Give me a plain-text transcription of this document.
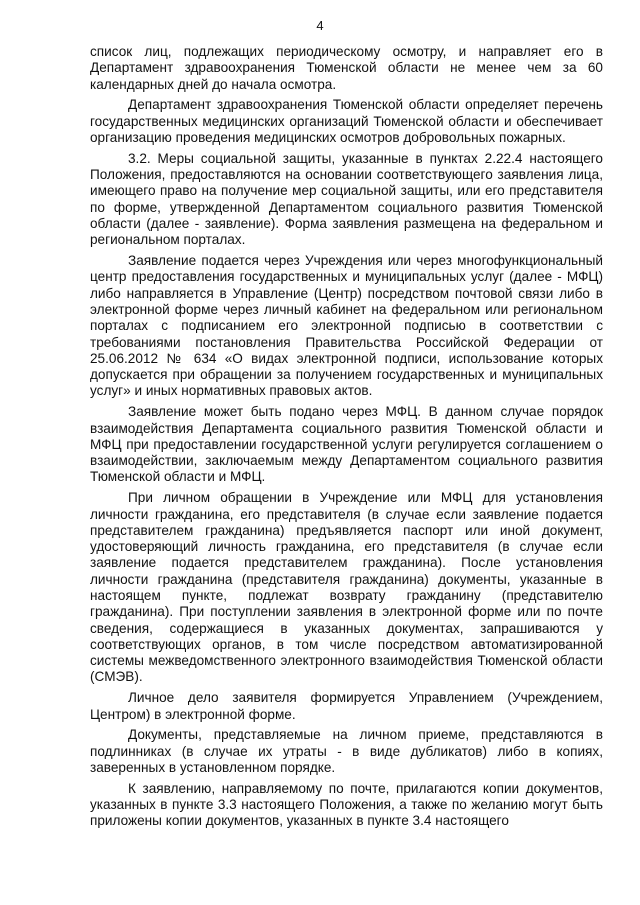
4

список лиц, подлежащих периодическому осмотру, и направляет его в Департамент здравоохранения Тюменской области не менее чем за 60 календарных дней до начала осмотра.

Департамент здравоохранения Тюменской области определяет перечень государственных медицинских организаций Тюменской области и обеспечивает организацию проведения медицинских осмотров добровольных пожарных.

3.2. Меры социальной защиты, указанные в пунктах 2.22.4 настоящего Положения, предоставляются на основании соответствующего заявления лица, имеющего право на получение мер социальной защиты, или его представителя по форме, утвержденной Департаментом социального развития Тюменской области (далее - заявление). Форма заявления размещена на федеральном и региональном порталах.

Заявление подается через Учреждения или через многофункциональный центр предоставления государственных и муниципальных услуг (далее - МФЦ) либо направляется в Управление (Центр) посредством почтовой связи либо в электронной форме через личный кабинет на федеральном или региональном порталах с подписанием его электронной подписью в соответствии с требованиями постановления Правительства Российской Федерации от 25.06.2012 № 634 «О видах электронной подписи, использование которых допускается при обращении за получением государственных и муниципальных услуг» и иных нормативных правовых актов.

Заявление может быть подано через МФЦ. В данном случае порядок взаимодействия Департамента социального развития Тюменской области и МФЦ при предоставлении государственной услуги регулируется соглашением о взаимодействии, заключаемым между Департаментом социального развития Тюменской области и МФЦ.

При личном обращении в Учреждение или МФЦ для установления личности гражданина, его представителя (в случае если заявление подается представителем гражданина) предъявляется паспорт или иной документ, удостоверяющий личность гражданина, его представителя (в случае если заявление подается представителем гражданина). После установления личности гражданина (представителя гражданина) документы, указанные в настоящем пункте, подлежат возврату гражданину (представителю гражданина). При поступлении заявления в электронной форме или по почте сведения, содержащиеся в указанных документах, запрашиваются у соответствующих органов, в том числе посредством автоматизированной системы межведомственного электронного взаимодействия Тюменской области (СМЭВ).

Личное дело заявителя формируется Управлением (Учреждением, Центром) в электронной форме.

Документы, представляемые на личном приеме, представляются в подлинниках (в случае их утраты - в виде дубликатов) либо в копиях, заверенных в установленном порядке.

К заявлению, направляемому по почте, прилагаются копии документов, указанных в пункте 3.3 настоящего Положения, а также по желанию могут быть приложены копии документов, указанных в пункте 3.4 настоящего
